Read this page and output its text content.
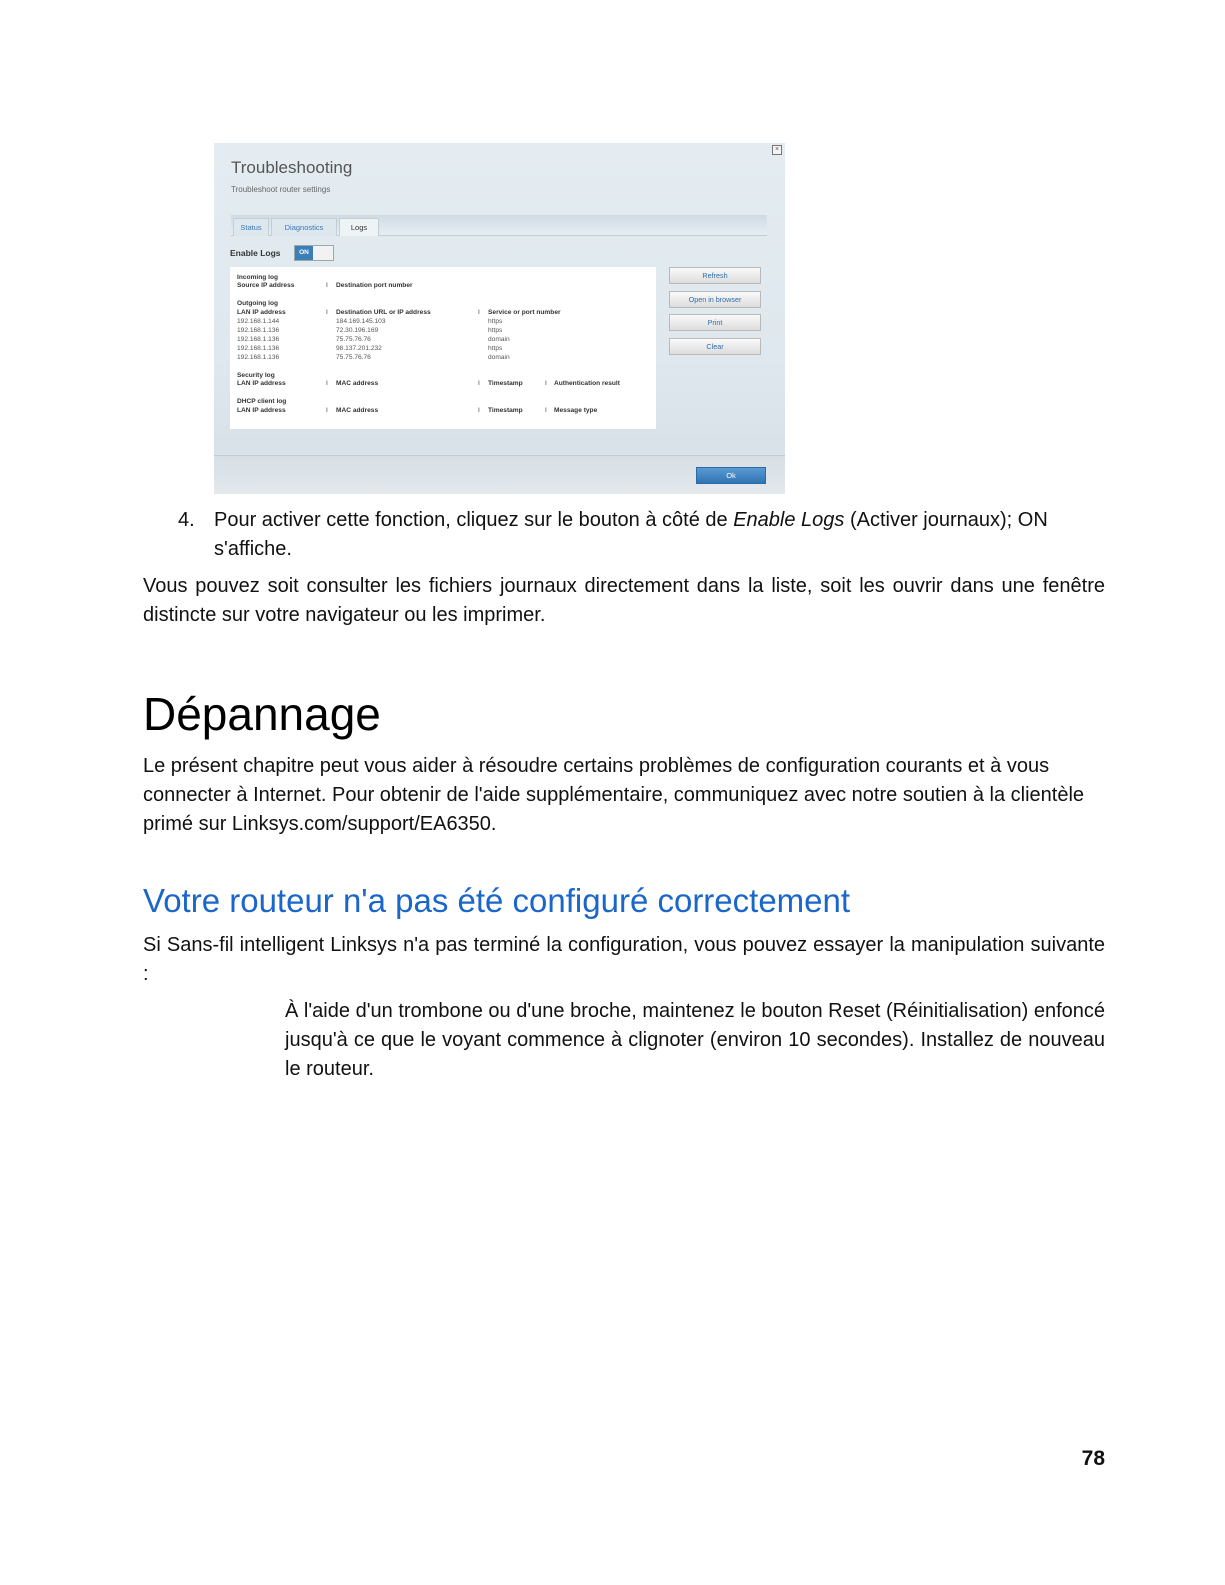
×
Troubleshooting
Troubleshoot router settings
Status	Diagnostics	Logs
Enable Logs	ON
Incoming log
Source IP address	I Destination port number
Outgoing log
LAN IP address	I Destination URL or IP address	I Service or port number
192.168.1.144	184.169.145.103	https
192.168.1.136	72.30.196.169	https
192.168.1.136	75.75.76.76	domain
192.168.1.136	98.137.201.232	https
192.168.1.136	75.75.76.76	domain
Security log
LAN IP address	I MAC address	I Timestamp	I Authentication result
DHCP client log
LAN IP address	I MAC address	I Timestamp	I Message type
Refresh
Open in browser
Print
Clear
Ok
4. Pour activer cette fonction, cliquez sur le bouton à côté de Enable Logs (Activer journaux); ON s'affiche.
Vous pouvez soit consulter les fichiers journaux directement dans la liste, soit les ouvrir dans une fenêtre distincte sur votre navigateur ou les imprimer.
Dépannage
Le présent chapitre peut vous aider à résoudre certains problèmes de configuration courants et à vous connecter à Internet. Pour obtenir de l'aide supplémentaire, communiquez avec notre soutien à la clientèle primé sur Linksys.com/support/EA6350.
Votre routeur n'a pas été configuré correctement
Si Sans-fil intelligent Linksys n'a pas terminé la configuration, vous pouvez essayer la manipulation suivante :
À l'aide d'un trombone ou d'une broche, maintenez le bouton Reset (Réinitialisation) enfoncé jusqu'à ce que le voyant commence à clignoter (environ 10 secondes). Installez de nouveau le routeur.
78
